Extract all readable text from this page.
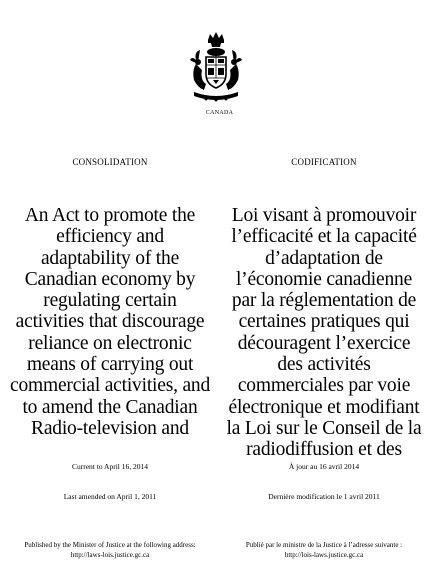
CANADA
CONSOLIDATION	CODIFICATION
An Act to promote the efficiency and adaptability of the Canadian economy by regulating certain activities that discourage reliance on electronic means of carrying out commercial activities, and to amend the Canadian Radio-television and
Loi visant à promouvoir l’efficacité et la capacité d’adaptation de l’économie canadienne par la réglementation de certaines pratiques qui découragent l’exercice des activités commerciales par voie électronique et modifiant la Loi sur le Conseil de la radiodiffusion et des
Current to April 16, 2014	À jour au 16 avril 2014
Last amended on April 1, 2011	Dernière modification le 1 avril 2011
Published by the Minister of Justice at the following address:
http://laws-lois.justice.gc.ca
Publié par le ministre de la Justice à l’adresse suivante :
http://lois-laws.justice.gc.ca
